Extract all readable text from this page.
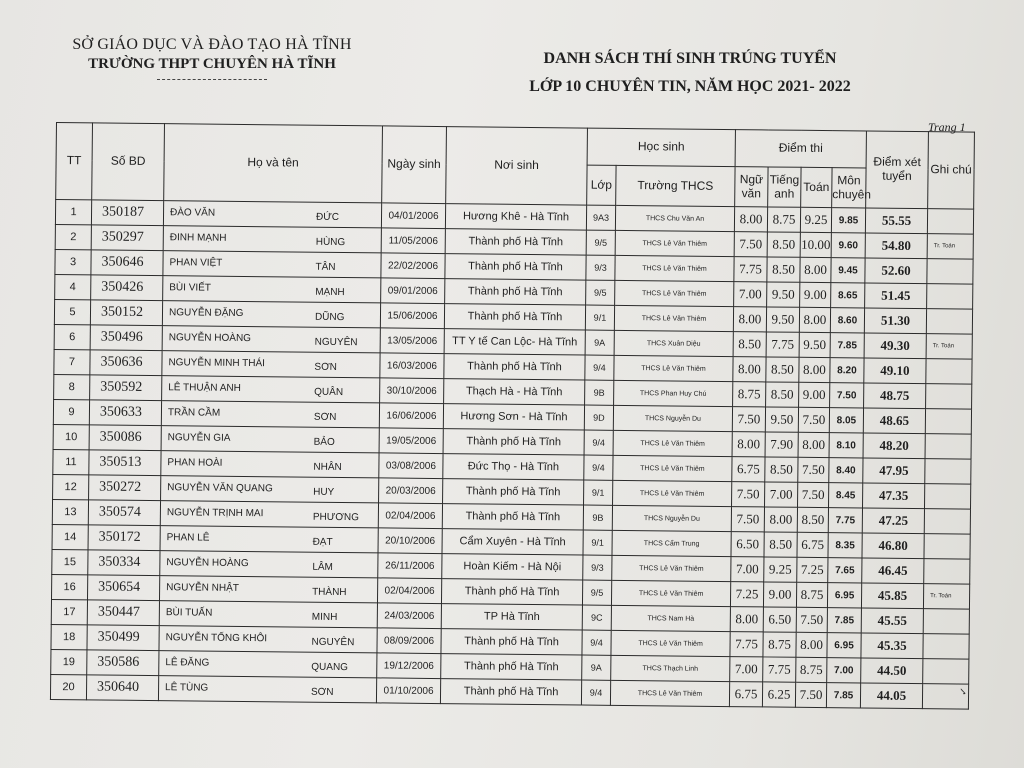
SỞ GIÁO DỤC VÀ ĐÀO TẠO HÀ TĨNH
TRƯỜNG THPT CHUYÊN HÀ TĨNH	DANH SÁCH THÍ SINH TRÚNG TUYỂN
LỚP 10 CHUYÊN TIN, NĂM HỌC 2021- 2022
Trang 1
TT	Số BD	Họ và tên	Ngày sinh	Nơi sinh	Học sinh		Điểm thi				Điểm xét tuyển	Ghi chú
					Lớp	Trường THCS	Ngữ văn	Tiếng anh	Toán	Môn chuyên		
1	350187	ĐÀO VĂN ĐỨC	04/01/2006	Hương Khê - Hà Tĩnh	9A3	THCS Chu Văn An	8.00	8.75	9.25	9.85	55.55	
2	350297	ĐINH MẠNH HÙNG	11/05/2006	Thành phố Hà Tĩnh	9/5	THCS Lê Văn Thiêm	7.50	8.50	10.00	9.60	54.80	Tr. Toán
3	350646	PHAN VIỆT TÂN	22/02/2006	Thành phố Hà Tĩnh	9/3	THCS Lê Văn Thiêm	7.75	8.50	8.00	9.45	52.60	
4	350426	BÙI VIẾT MẠNH	09/01/2006	Thành phố Hà Tĩnh	9/5	THCS Lê Văn Thiêm	7.00	9.50	9.00	8.65	51.45	
5	350152	NGUYỄN ĐẶNG DŨNG	15/06/2006	Thành phố Hà Tĩnh	9/1	THCS Lê Văn Thiêm	8.00	9.50	8.00	8.60	51.30	
6	350496	NGUYỄN HOÀNG NGUYÊN	13/05/2006	TT Y tế Can Lộc- Hà Tĩnh	9A	THCS Xuân Diệu	8.50	7.75	9.50	7.85	49.30	Tr. Toán
7	350636	NGUYỄN MINH THÁI SƠN	16/03/2006	Thành phố Hà Tĩnh	9/4	THCS Lê Văn Thiêm	8.00	8.50	8.00	8.20	49.10	
8	350592	LÊ THUẬN ANH QUÂN	30/10/2006	Thạch Hà - Hà Tĩnh	9B	THCS Phan Huy Chú	8.75	8.50	9.00	7.50	48.75	
9	350633	TRẦN CẦM SƠN	16/06/2006	Hương Sơn - Hà Tĩnh	9D	THCS Nguyễn Du	7.50	9.50	7.50	8.05	48.65	
10	350086	NGUYỄN GIA BẢO	19/05/2006	Thành phố Hà Tĩnh	9/4	THCS Lê Văn Thiêm	8.00	7.90	8.00	8.10	48.20	
11	350513	PHAN HOÀI NHÂN	03/08/2006	Đức Thọ - Hà Tĩnh	9/4	THCS Lê Văn Thiêm	6.75	8.50	7.50	8.40	47.95	
12	350272	NGUYỄN VĂN QUANG HUY	20/03/2006	Thành phố Hà Tĩnh	9/1	THCS Lê Văn Thiêm	7.50	7.00	7.50	8.45	47.35	
13	350574	NGUYỄN TRỊNH MAI PHƯƠNG	02/04/2006	Thành phố Hà Tĩnh	9B	THCS Nguyễn Du	7.50	8.00	8.50	7.75	47.25	
14	350172	PHAN LÊ ĐẠT	20/10/2006	Cẩm Xuyên - Hà Tĩnh	9/1	THCS Cẩm Trung	6.50	8.50	6.75	8.35	46.80	
15	350334	NGUYỄN HOÀNG LÂM	26/11/2006	Hoàn Kiếm - Hà Nội	9/3	THCS Lê Văn Thiêm	7.00	9.25	7.25	7.65	46.45	
16	350654	NGUYỄN NHẬT THÀNH	02/04/2006	Thành phố Hà Tĩnh	9/5	THCS Lê Văn Thiêm	7.25	9.00	8.75	6.95	45.85	Tr. Toán
17	350447	BÙI TUẤN MINH	24/03/2006	TP Hà Tĩnh	9C	THCS Nam Hà	8.00	6.50	7.50	7.85	45.55	
18	350499	NGUYỄN TỐNG KHÔI NGUYÊN	08/09/2006	Thành phố Hà Tĩnh	9/4	THCS Lê Văn Thiêm	7.75	8.75	8.00	6.95	45.35	
19	350586	LÊ ĐĂNG QUANG	19/12/2006	Thành phố Hà Tĩnh	9A	THCS Thạch Linh	7.00	7.75	8.75	7.00	44.50	
20	350640	LÊ TÙNG SƠN	01/10/2006	Thành phố Hà Tĩnh	9/4	THCS Lê Văn Thiêm	6.75	6.25	7.50	7.85	44.05		✓
